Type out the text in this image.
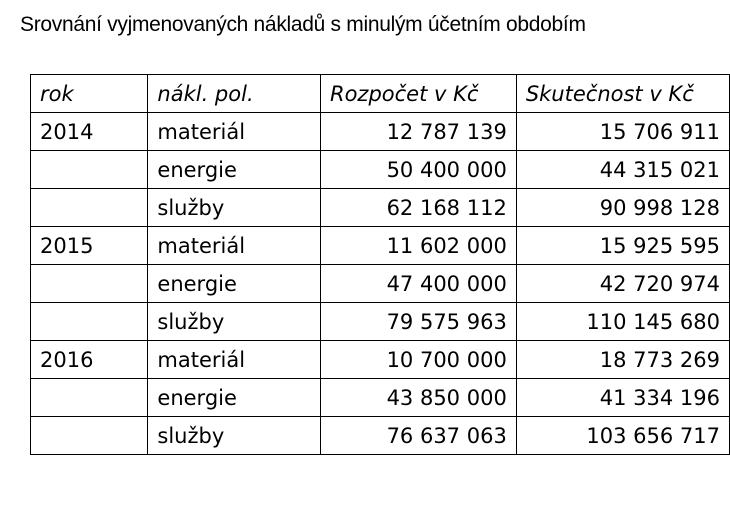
Srovnání vyjmenovaných nákladů s minulým účetním obdobím
rok	nákl. pol.	Rozpočet v Kč	Skutečnost v Kč
2014	materiál	12 787 139	15 706 911
	energie	50 400 000	44 315 021
	služby	62 168 112	90 998 128
2015	materiál	11 602 000	15 925 595
	energie	47 400 000	42 720 974
	služby	79 575 963	110 145 680
2016	materiál	10 700 000	18 773 269
	energie	43 850 000	41 334 196
	služby	76 637 063	103 656 717
